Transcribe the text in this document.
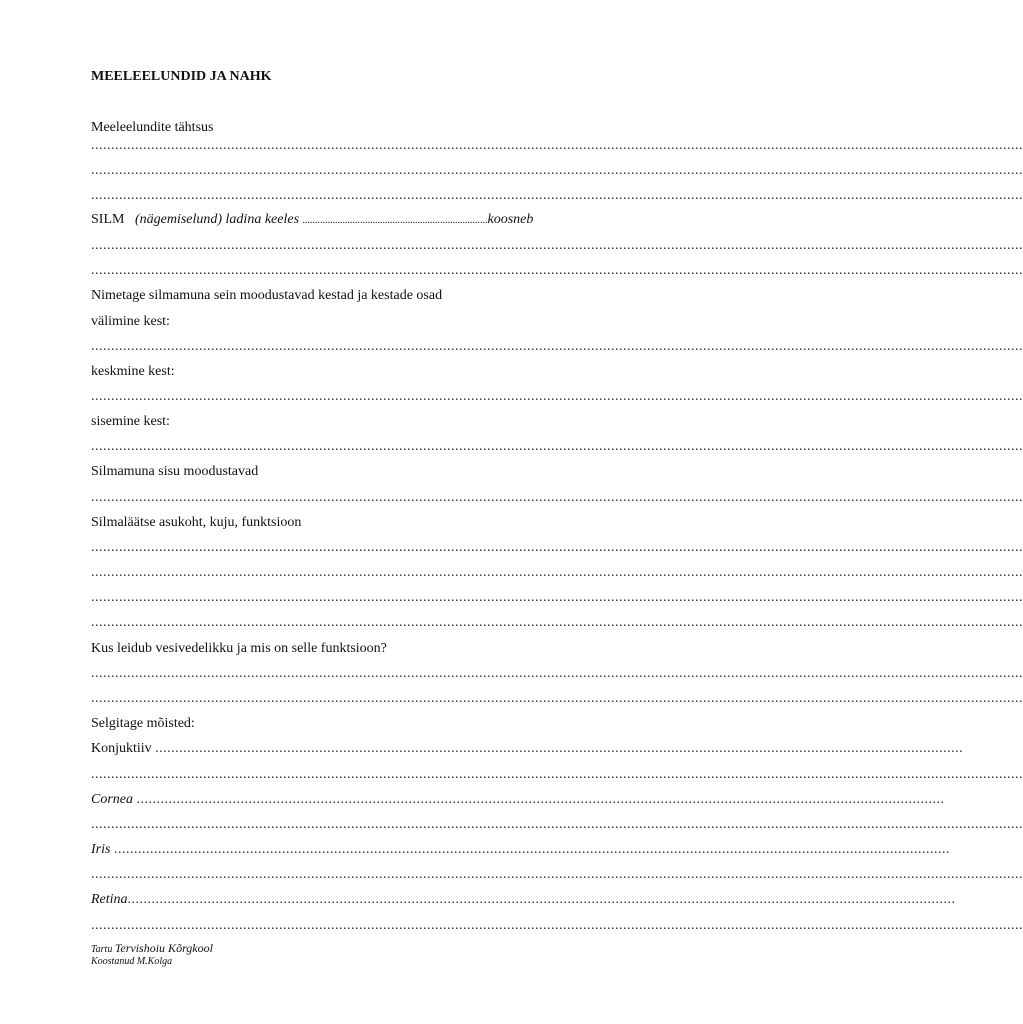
MEELEELUNDID JA NAHK
Meeleelundite tähtsus
.........................................................................................................................................................................................................................................
.........................................................................................................................................................................................................................................
.........................................................................................................................................................................................................................................
SILM (nägemiselund) ladina keeles ..........................................................................koosneb
.........................................................................................................................................................................................................................................
.........................................................................................................................................................................................................................................
Nimetage silmamuna sein moodustavad kestad ja kestade osad
välimine kest:
.........................................................................................................................................................................................................................................
keskmine kest:
.........................................................................................................................................................................................................................................
sisemine kest:
.........................................................................................................................................................................................................................................
Silmamuna sisu moodustavad
.........................................................................................................................................................................................................................................
Silmaläätse asukoht, kuju, funktsioon
.........................................................................................................................................................................................................................................
.........................................................................................................................................................................................................................................
.........................................................................................................................................................................................................................................
.........................................................................................................................................................................................................................................
Kus leidub vesivedelikku ja mis on selle funktsioon?
.........................................................................................................................................................................................................................................
.........................................................................................................................................................................................................................................
Selgitage mõisted:
Konjuktiiv ..........................................................................................................................................................................................................
.........................................................................................................................................................................................................................................
Cornea ..........................................................................................................................................................................................................
.........................................................................................................................................................................................................................................
Iris .................................................................................................................................................................................................................
.........................................................................................................................................................................................................................................
Retina...............................................................................................................................................................................................................
.........................................................................................................................................................................................................................................
Tartu Tervishoiu Kõrgkool
Koostanud M.Kolga
